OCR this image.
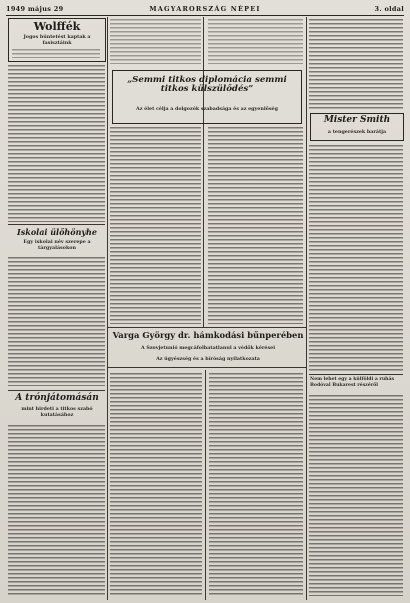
1949 május 29	MAGYARORSZÁG NÉPEI	3. oldal
Wolffék
Jogos büntetést kaptak a fasisztáink
Iskolai ülőhönyhe
Egy iskolai név szerepe a tárgyalásokon
A trónjátomásán
mint hirdeti a titkos szabó kutatásához
„Semmi titkos diplomácia semmi titkos külszülődés”
Az élet célja a dolgozók szabadsága és az egyenlőség
Varga György dr. hámkodási bűnperében
A Szovjetunió megcáfolhatatlanul a védők kérései
Az ügyészség és a bíróság nyilatkozata
Mister Smith
a tengerészek barátja
Nem lehet egy a külföldi a ruhás Bodóval Bukarest részéről
